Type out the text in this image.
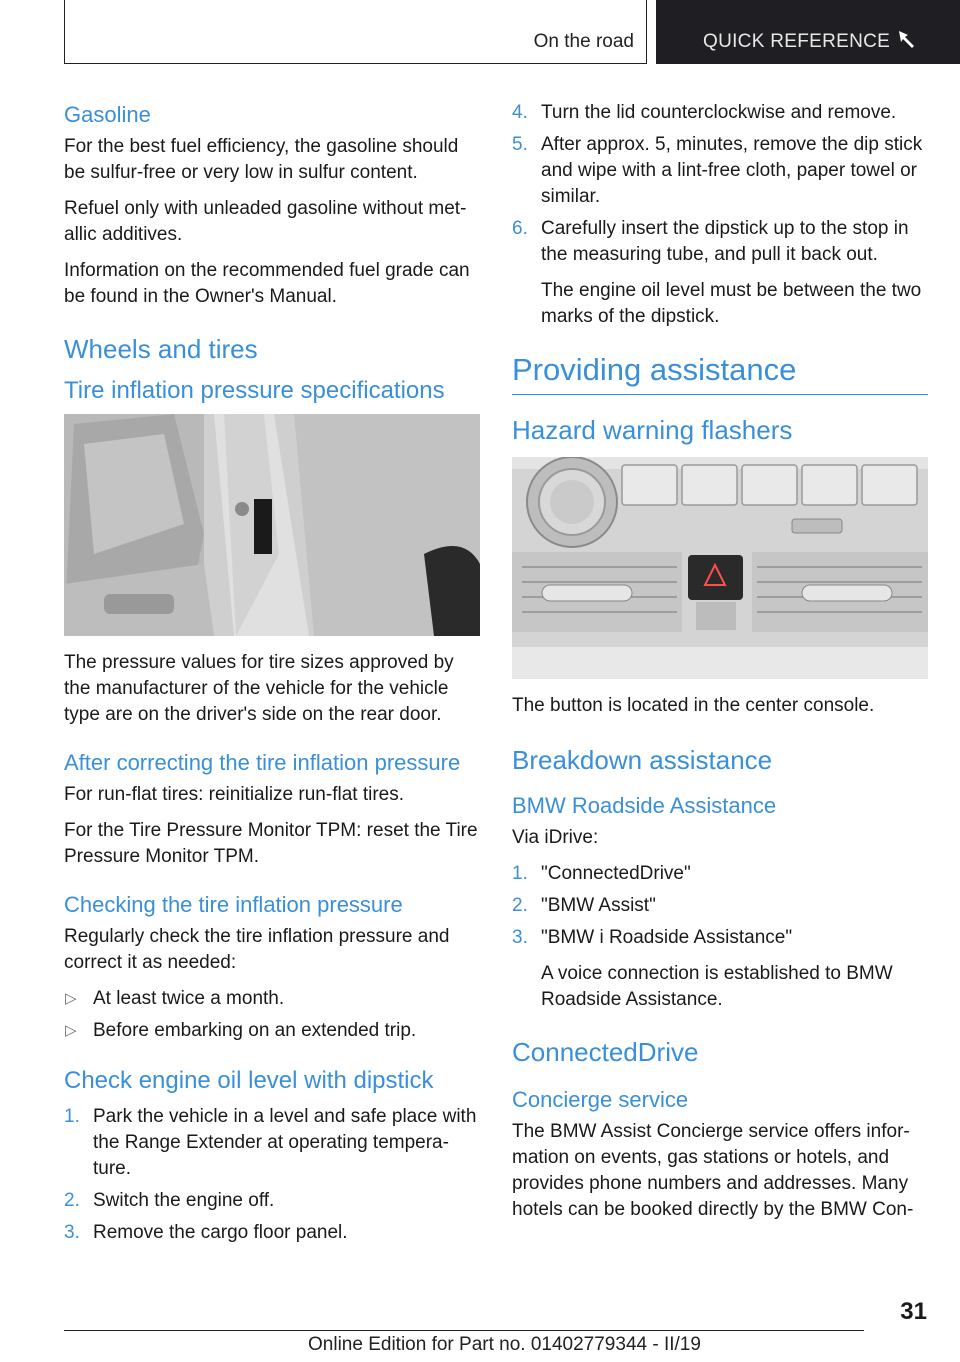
On the road	QUICK REFERENCE
Gasoline

For the best fuel efficiency, the gasoline should be sulfur-free or very low in sulfur content.

Refuel only with unleaded gasoline without metallic additives.

Information on the recommended fuel grade can be found in the Owner's Manual.

Wheels and tires
Tire inflation pressure specifications

The pressure values for tire sizes approved by the manufacturer of the vehicle for the vehicle type are on the driver's side on the rear door.

After correcting the tire inflation pressure

For run-flat tires: reinitialize run-flat tires.

For the Tire Pressure Monitor TPM: reset the Tire Pressure Monitor TPM.

Checking the tire inflation pressure

Regularly check the tire inflation pressure and correct it as needed:

▷ At least twice a month.
▷ Before embarking on an extended trip.
Check engine oil level with dipstick
1. Park the vehicle in a level and safe place with the Range Extender at operating temperature.
2. Switch the engine off.
3. Remove the cargo floor panel.
4. Turn the lid counterclockwise and remove.
5. After approx. 5, minutes, remove the dip stick and wipe with a lint-free cloth, paper towel or similar.
6. Carefully insert the dipstick up to the stop in the measuring tube, and pull it back out.

The engine oil level must be between the two marks of the dipstick.

Providing assistance
Hazard warning flashers

The button is located in the center console.

Breakdown assistance
BMW Roadside Assistance

Via iDrive:

1. "ConnectedDrive"
2. "BMW Assist"
3. "BMW i Roadside Assistance"

A voice connection is established to BMW Roadside Assistance.

ConnectedDrive
Concierge service

The BMW Assist Concierge service offers information on events, gas stations or hotels, and provides phone numbers and addresses. Many hotels can be booked directly by the BMW Con-

31
Online Edition for Part no. 01402779344 - II/19
